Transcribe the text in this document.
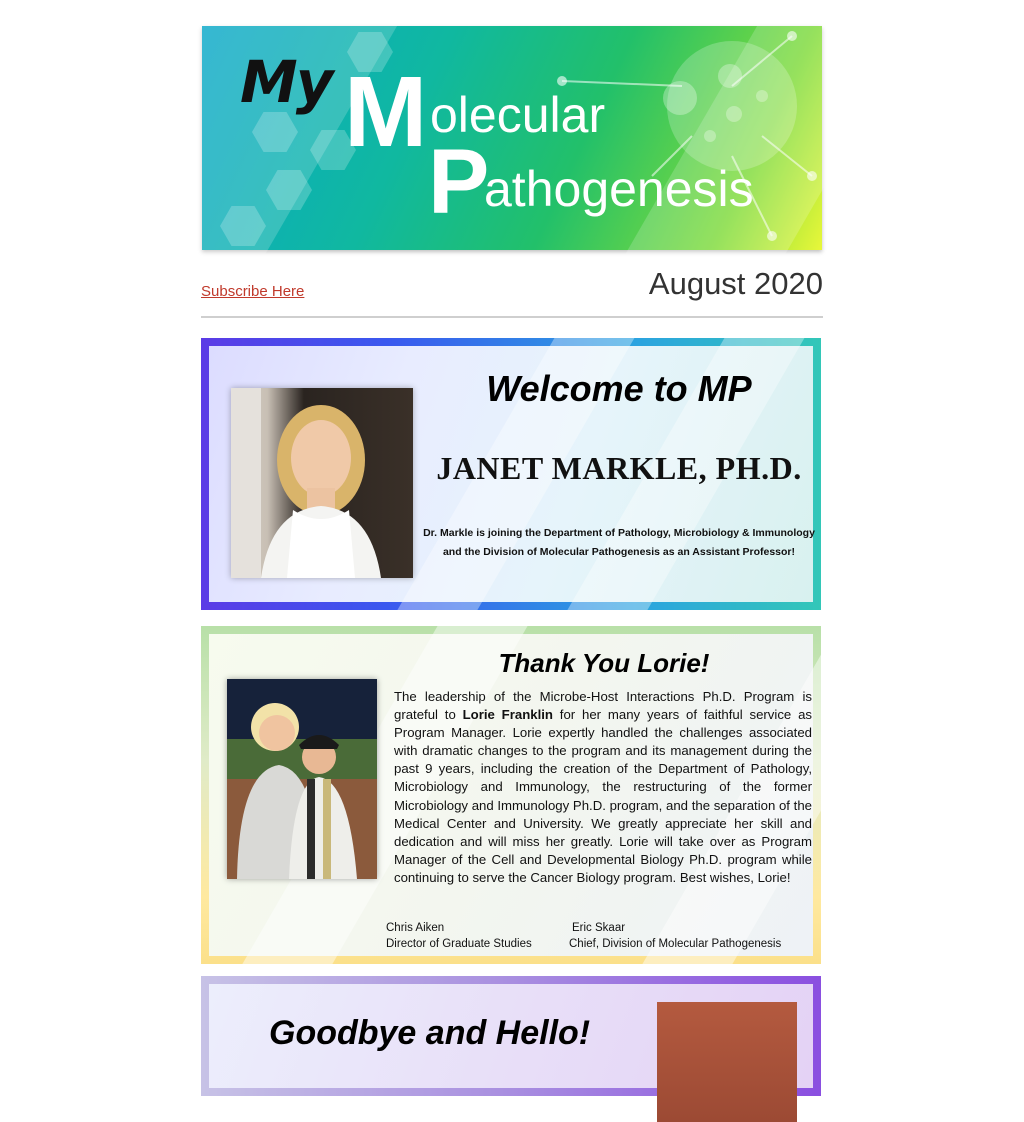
My M olecular
P
athogenesis
Subscribe Here	August 2020
Welcome to MP
JANET MARKLE, PH.D.
Dr. Markle is joining the Department of Pathology, Microbiology & Immunology
and the Division of Molecular Pathogenesis as an Assistant Professor!
Thank You Lorie!
The leadership of the Microbe-Host Interactions Ph.D. Program is grateful to Lorie Franklin for her many years of faithful service as Program Manager. Lorie expertly handled the challenges associated with dramatic changes to the program and its management during the past 9 years, including the creation of the Department of Pathology, Microbiology and Immunology, the restructuring of the former Microbiology and Immunology Ph.D. program, and the separation of the Medical Center and University. We greatly appreciate her skill and dedication and will miss her greatly. Lorie will take over as Program Manager of the Cell and Developmental Biology Ph.D. program while continuing to serve the Cancer Biology program. Best wishes, Lorie!
Chris Aiken
Director of Graduate Studies
Eric Skaar
Chief, Division of Molecular Pathogenesis
Goodbye and Hello!
